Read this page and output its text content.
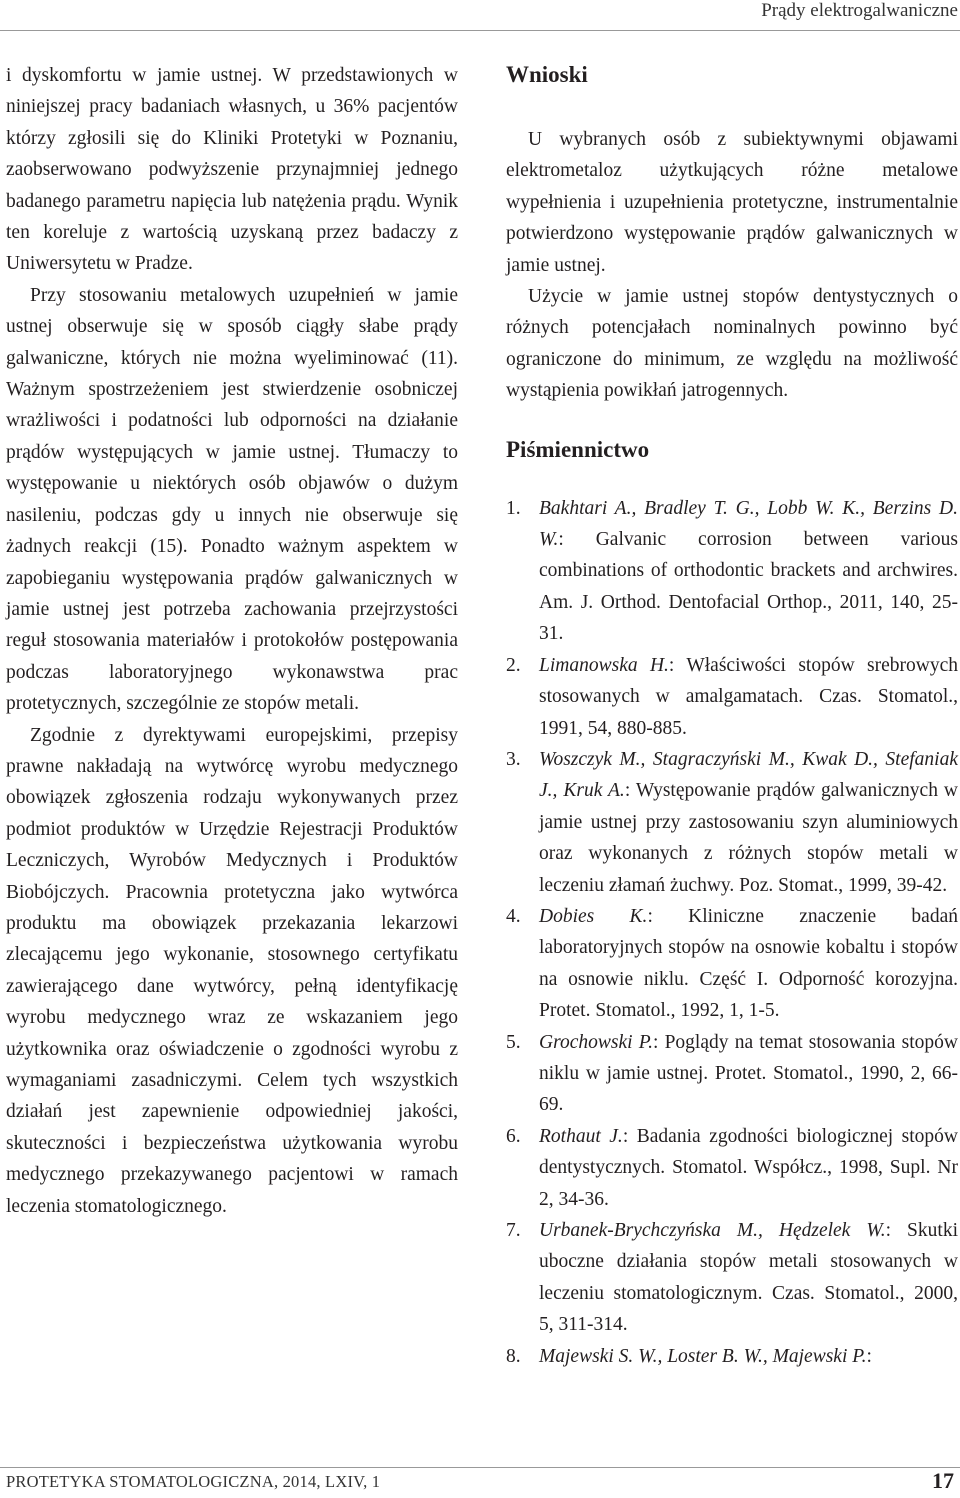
Prądy elektrogalwaniczne

i dyskomfortu w jamie ustnej. W przedstawionych w niniejszej pracy badaniach własnych, u 36% pacjentów którzy zgłosili się do Kliniki Protetyki w Poznaniu, zaobserwowano podwyższenie przynajmniej jednego badanego parametru napięcia lub natężenia prądu. Wynik ten koreluje z wartością uzyskaną przez badaczy z Uniwersytetu w Pradze.

Przy stosowaniu metalowych uzupełnień w jamie ustnej obserwuje się w sposób ciągły słabe prądy galwaniczne, których nie można wyeliminować (11). Ważnym spostrzeżeniem jest stwierdzenie osobniczej wrażliwości i podatności lub odporności na działanie prądów występujących w jamie ustnej. Tłumaczy to występowanie u niektórych osób objawów o dużym nasileniu, podczas gdy u innych nie obserwuje się żadnych reakcji (15). Ponadto ważnym aspektem w zapobieganiu występowania prądów galwanicznych w jamie ustnej jest potrzeba zachowania przejrzystości reguł stosowania materiałów i protokołów postępowania podczas laboratoryjnego wykonawstwa prac protetycznych, szczególnie ze stopów metali.

Zgodnie z dyrektywami europejskimi, przepisy prawne nakładają na wytwórcę wyrobu medycznego obowiązek zgłoszenia rodzaju wykonywanych przez podmiot produktów w Urzędzie Rejestracji Produktów Leczniczych, Wyrobów Medycznych i Produktów Biobójczych. Pracownia protetyczna jako wytwórca produktu ma obowiązek przekazania lekarzowi zlecającemu jego wykonanie, stosownego certyfikatu zawierającego dane wytwórcy, pełną identyfikację wyrobu medycznego wraz ze wskazaniem jego użytkownika oraz oświadczenie o zgodności wyrobu z wymaganiami zasadniczymi. Celem tych wszystkich działań jest zapewnienie odpowiedniej jakości, skuteczności i bezpieczeństwa użytkowania wyrobu medycznego przekazywanego pacjentowi w ramach leczenia stomatologicznego.

Wnioski

U wybranych osób z subiektywnymi objawami elektrometaloz użytkujących różne metalowe wypełnienia i uzupełnienia protetyczne, instrumentalnie potwierdzono występowanie prądów galwanicznych w jamie ustnej.

Użycie w jamie ustnej stopów dentystycznych o różnych potencjałach nominalnych powinno być ograniczone do minimum, ze względu na możliwość wystąpienia powikłań jatrogennych.

Piśmiennictwo
1. Bakhtari A., Bradley T. G., Lobb W. K., Berzins D. W.: Galvanic corrosion between various combinations of orthodontic brackets and archwires. Am. J. Orthod. Dentofacial Orthop., 2011, 140, 25-31.
2. Limanowska H.: Właściwości stopów srebrowych stosowanych w amalgamatach. Czas. Stomatol., 1991, 54, 880-885.
3. Woszczyk M., Stagraczyński M., Kwak D., Stefaniak J., Kruk A.: Występowanie prądów galwanicznych w jamie ustnej przy zastosowaniu szyn aluminiowych oraz wykonanych z różnych stopów metali w leczeniu złamań żuchwy. Poz. Stomat., 1999, 39-42.
4. Dobies K.: Kliniczne znaczenie badań laboratoryjnych stopów na osnowie kobaltu i stopów na osnowie niklu. Część I. Odporność korozyjna. Protet. Stomatol., 1992, 1, 1-5.
5. Grochowski P.: Poglądy na temat stosowania stopów niklu w jamie ustnej. Protet. Stomatol., 1990, 2, 66-69.
6. Rothaut J.: Badania zgodności biologicznej stopów dentystycznych. Stomatol. Współcz., 1998, Supl. Nr 2, 34-36.
7. Urbanek-Brychczyńska M., Hędzelek W.: Skutki uboczne działania stopów metali stosowanych w leczeniu stomatologicznym. Czas. Stomatol., 2000, 5, 311-314.
8. Majewski S. W., Loster B. W., Majewski P.:
PROTETYKA STOMATOLOGICZNA, 2014, LXIV, 1	17
